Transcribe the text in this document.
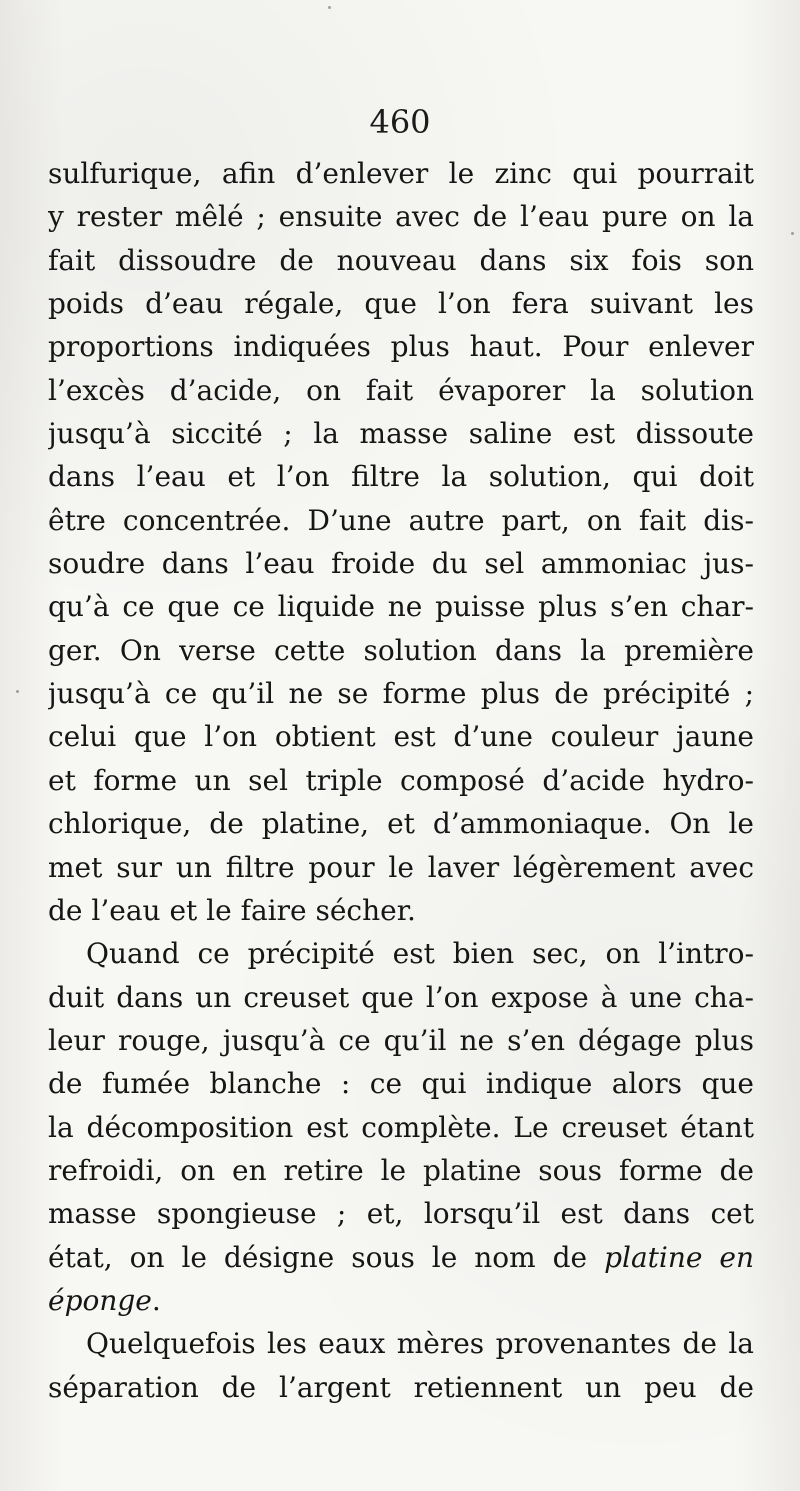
460
sulfurique, afin d’enlever le zinc qui pourrait
y rester mêlé ; ensuite avec de l’eau pure on la
fait dissoudre de nouveau dans six fois son
poids d’eau régale, que l’on fera suivant les
proportions indiquées plus haut. Pour enlever
l’excès d’acide, on fait évaporer la solution
jusqu’à siccité ; la masse saline est dissoute
dans l’eau et l’on filtre la solution, qui doit
être concentrée. D’une autre part, on fait dis-
soudre dans l’eau froide du sel ammoniac jus-
qu’à ce que ce liquide ne puisse plus s’en char-
ger. On verse cette solution dans la première
jusqu’à ce qu’il ne se forme plus de précipité ;
celui que l’on obtient est d’une couleur jaune
et forme un sel triple composé d’acide hydro-
chlorique, de platine, et d’ammoniaque. On le
met sur un filtre pour le laver légèrement avec
de l’eau et le faire sécher.
Quand ce précipité est bien sec, on l’intro-
duit dans un creuset que l’on expose à une cha-
leur rouge, jusqu’à ce qu’il ne s’en dégage plus
de fumée blanche : ce qui indique alors que
la décomposition est complète. Le creuset étant
refroidi, on en retire le platine sous forme de
masse spongieuse ; et, lorsqu’il est dans cet
état, on le désigne sous le nom de platine en
éponge.
Quelquefois les eaux mères provenantes de la
séparation de l’argent retiennent un peu de
